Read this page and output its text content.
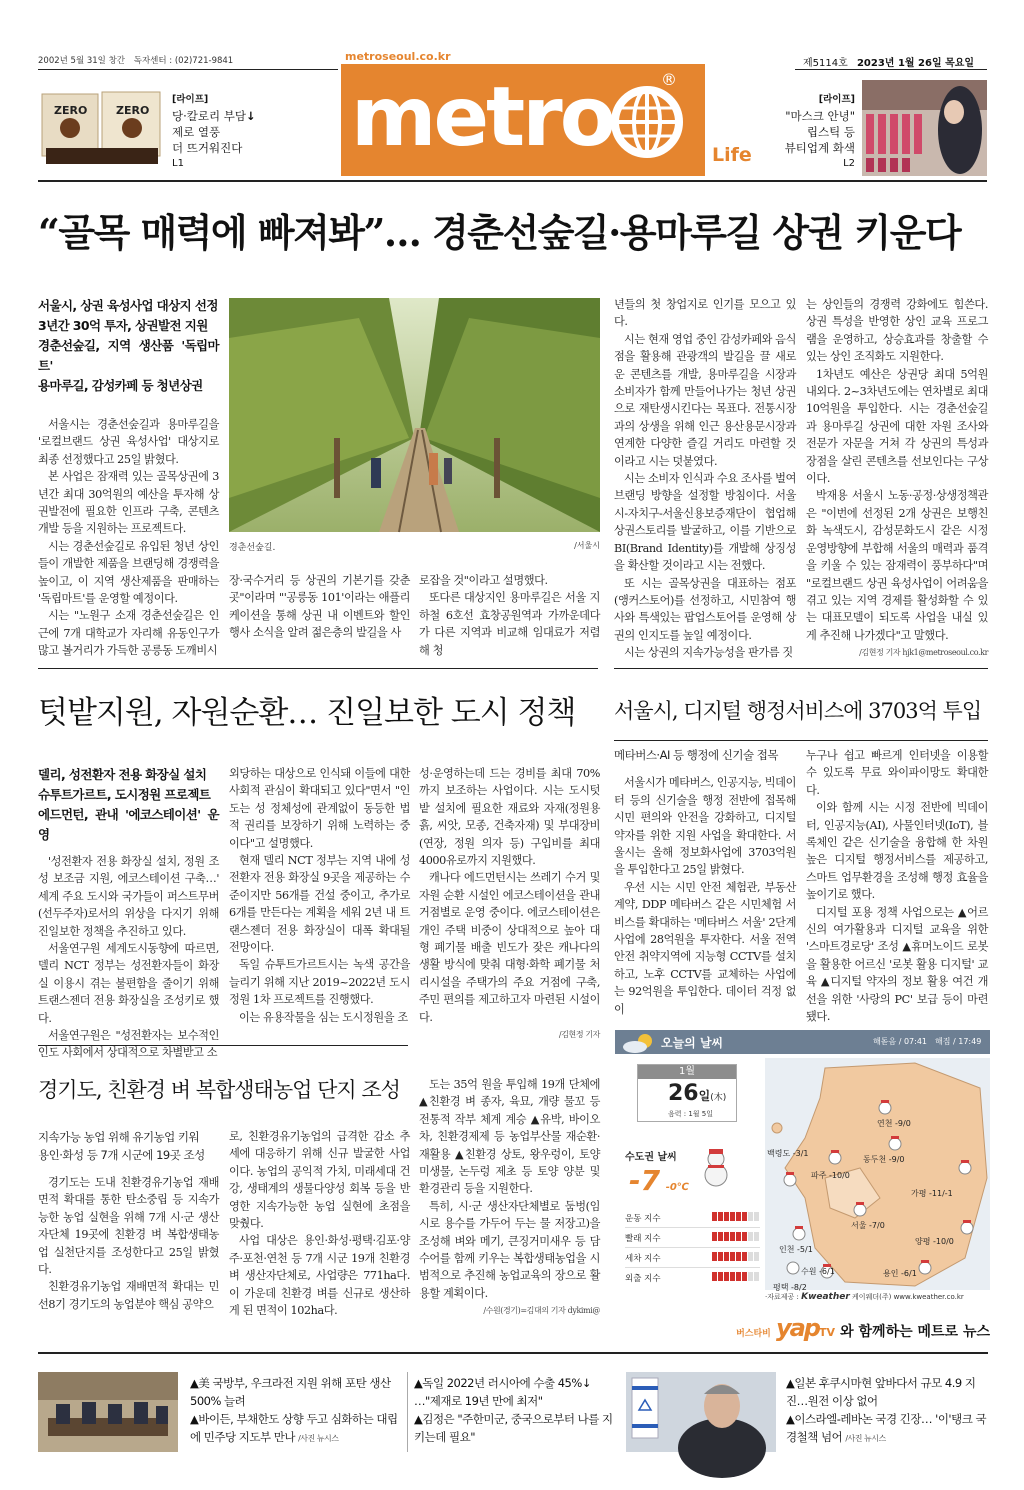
2002년 5월 31일 창간 독자센터 : (02)721-9841
ZERO	ZERO
[라이프]
당·칼로리 부담↓
제로 열풍
더 뜨거워진다
L1
metroseoul.co.kr
metro	®
Life
제5114호 2023년 1월 26일 목요일
[라이프]
"마스크 안녕"
립스틱 등
뷰티업계 화색
L2
“골목 매력에 빠져봐”… 경춘선숲길·용마루길 상권 키운다
서울시, 상권 육성사업 대상지 선정
3년간 30억 투자, 상권발전 지원
경춘선숲길, 지역 생산품 '독립마트'
용마루길, 감성카페 등 청년상권

서울시는 경춘선숲길과 용마루길을 '로컬브랜드 상권 육성사업' 대상지로 최종 선정했다고 25일 밝혔다.

본 사업은 잠재력 있는 골목상권에 3년간 최대 30억원의 예산을 투자해 상권발전에 필요한 인프라 구축, 콘텐츠 개발 등을 지원하는 프로젝트다.

시는 경춘선숲길로 유입된 청년 상인들이 개발한 제품을 브랜딩해 경쟁력을 높이고, 이 지역 생산제품을 판매하는 '독립마트'를 운영할 예정이다.

시는 "노원구 소재 경춘선숲길은 인근에 7개 대학교가 자리해 유동인구가 많고 볼거리가 가득한 공릉동 도깨비시

경춘선숲길.	/서울시

장·국수거리 등 상권의 기본기를 갖춘 곳"이라며 "'공릉동 101'이라는 애플리케이션을 통해 상권 내 이벤트와 할인 행사 소식을 알려 젊은층의 발길을 사

로잡을 것"이라고 설명했다.

또다른 대상지인 용마루길은 서울 지하철 6호선 효창공원역과 가까운데다가 다른 지역과 비교해 임대료가 저렴해 청

년들의 첫 창업지로 인기를 모으고 있다.

시는 현재 영업 중인 감성카페와 음식점을 활용해 관광객의 발길을 끌 새로운 콘텐츠를 개발, 용마루길을 시장과 소비자가 함께 만들어나가는 청년 상권으로 재탄생시킨다는 목표다. 전통시장과의 상생을 위해 인근 용산용문시장과 연계한 다양한 즐길 거리도 마련할 것이라고 시는 덧붙였다.

시는 소비자 인식과 수요 조사를 벌여 브랜딩 방향을 설정할 방침이다. 서울시-자치구-서울신용보증재단이 협업해 상권스토리를 발굴하고, 이를 기반으로 BI(Brand Identity)를 개발해 상징성을 확산할 것이라고 시는 전했다.

또 시는 골목상권을 대표하는 점포(앵커스토어)를 선정하고, 시민참여 행사와 특색있는 팝업스토어를 운영해 상권의 인지도를 높일 예정이다.

시는 상권의 지속가능성을 판가름 짓

는 상인들의 경쟁력 강화에도 힘쓴다. 상권 특성을 반영한 상인 교육 프로그램을 운영하고, 상승효과를 창출할 수 있는 상인 조직화도 지원한다.

1차년도 예산은 상권당 최대 5억원 내외다. 2~3차년도에는 연차별로 최대 10억원을 투입한다. 시는 경춘선숲길과 용마루길 상권에 대한 자원 조사와 전문가 자문을 거쳐 각 상권의 특성과 장점을 살린 콘텐츠를 선보인다는 구상이다.

박재용 서울시 노동·공정·상생정책관은 "이번에 선정된 2개 상권은 보행친화 녹색도시, 감성문화도시 같은 시정 운영방향에 부합해 서울의 매력과 품격을 키울 수 있는 잠재력이 풍부하다"며 "로컬브랜드 상권 육성사업이 어려움을 겪고 있는 지역 경제를 활성화할 수 있는 대표모델이 되도록 사업을 내실 있게 추진해 나가겠다"고 말했다.

/김현정 기자 hjk1@metroseoul.co.kr

텃밭지원, 자원순환… 진일보한 도시 정책
델리, 성전환자 전용 화장실 설치
슈투트가르트, 도시정원 프로젝트
에드먼턴, 관내 '에코스테이션' 운영

'성전환자 전용 화장실 설치, 정원 조성 보조금 지원, 에코스테이션 구축…' 세계 주요 도시와 국가들이 퍼스트무버(선두주자)로서의 위상을 다지기 위해 진일보한 정책을 추진하고 있다.

서울연구원 세계도시동향에 따르면, 델리 NCT 정부는 성전환자들이 화장실 이용시 겪는 불편함을 줄이기 위해 트랜스젠더 전용 화장실을 조성키로 했다.

서울연구원은 "성전환자는 보수적인 인도 사회에서 상대적으로 차별받고 소

외당하는 대상으로 인식돼 이들에 대한 사회적 관심이 확대되고 있다"면서 "인도는 성 정체성에 관계없이 동등한 법적 권리를 보장하기 위해 노력하는 중이다"고 설명했다.

현재 델리 NCT 정부는 지역 내에 성전환자 전용 화장실 9곳을 제공하는 수준이지만 56개를 건설 중이고, 추가로 6개를 만든다는 계획을 세워 2년 내 트랜스젠더 전용 화장실이 대폭 확대될 전망이다.

독일 슈투트가르트시는 녹색 공간을 늘리기 위해 지난 2019~2022년 도시정원 1차 프로젝트를 진행했다.

이는 유용작물을 심는 도시정원을 조

성·운영하는데 드는 경비를 최대 70%까지 보조하는 사업이다. 시는 도시텃밭 설치에 필요한 재료와 자재(정원용 흙, 씨앗, 모종, 건축자재) 및 부대장비(연장, 정원 의자 등) 구입비를 최대 4000유로까지 지원했다.

캐나다 에드먼턴시는 쓰레기 수거 및 자원 순환 시설인 에코스테이션을 관내 거점별로 운영 중이다. 에코스테이션은 개인 주택 비중이 상대적으로 높아 대형 폐기물 배출 빈도가 잦은 캐나다의 생활 방식에 맞춰 대형·화학 폐기물 처리시설을 주택가의 주요 거점에 구축, 주민 편의를 제고하고자 마련된 시설이다.

/김현정 기자

서울시, 디지털 행정서비스에 3703억 투입
메타버스·AI 등 행정에 신기술 접목

서울시가 메타버스, 인공지능, 빅데이터 등의 신기술을 행정 전반에 접목해 시민 편의와 안전을 강화하고, 디지털 약자를 위한 지원 사업을 확대한다. 서울시는 올해 정보화사업에 3703억원을 투입한다고 25일 밝혔다.

우선 시는 시민 안전 체험관, 부동산 계약, DDP 메타버스 같은 시민체험 서비스를 확대하는 '메타버스 서울' 2단계 사업에 28억원을 투자한다. 서울 전역 안전 취약지역에 지능형 CCTV를 설치하고, 노후 CCTV를 교체하는 사업에는 92억원을 투입한다. 데이터 걱정 없이

누구나 쉽고 빠르게 인터넷을 이용할 수 있도록 무료 와이파이망도 확대한다.

이와 함께 시는 시정 전반에 빅데이터, 인공지능(AI), 사물인터넷(IoT), 블록체인 같은 신기술을 융합해 한 차원 높은 디지털 행정서비스를 제공하고, 스마트 업무환경을 조성해 행정 효율을 높이기로 했다.

디지털 포용 정책 사업으로는 ▲어르신의 여가활용과 디지털 교육을 위한 '스마트경로당' 조성 ▲휴머노이드 로봇을 활용한 어르신 '로봇 활용 디지털' 교육 ▲디지털 약자의 정보 활용 여건 개선을 위한 '사랑의 PC' 보급 등이 마련됐다.

경기도, 친환경 벼 복합생태농업 단지 조성
지속가능 농업 위해 유기농업 키워
용인·화성 등 7개 시군에 19곳 조성

경기도는 도내 친환경유기농업 재배면적 확대를 통한 탄소중립 등 지속가능한 농업 실현을 위해 7개 시·군 생산자단체 19곳에 친환경 벼 복합생태농업 실천단지를 조성한다고 25일 밝혔다.

친환경유기농업 재배면적 확대는 민선8기 경기도의 농업분야 핵심 공약으

로, 친환경유기농업의 급격한 감소 추세에 대응하기 위해 신규 발굴한 사업이다. 농업의 공익적 가치, 미래세대 건강, 생태계의 생물다양성 회복 등을 반영한 지속가능한 농업 실현에 초점을 맞췄다.

사업 대상은 용인·화성·평택·김포·양주·포천·연천 등 7개 시군 19개 친환경 벼 생산자단체로, 사업량은 771ha다. 이 가운데 친환경 벼를 신규로 생산하게 된 면적이 102ha다.

도는 35억 원을 투입해 19개 단체에 ▲친환경 벼 종자, 육묘, 개량 물꼬 등 전통적 작부 체계 계승 ▲유박, 바이오차, 친환경제제 등 농업부산물 재순환·재활용 ▲친환경 상토, 왕우렁이, 토양미생물, 논두렁 제초 등 토양 양분 및 환경관리 등을 지원한다.

특히, 시·군 생산자단체별로 둠벙(임시로 용수를 가두어 두는 물 저장고)을 조성해 벼와 메기, 큰징거미새우 등 담수어를 함께 키우는 복합생태농업을 시범적으로 추진해 농업교육의 장으로 활용할 계획이다.

/수원(경기)=김대의 기자 dykimi@

오늘의 날씨	해돋음 / 07:41 해짐 / 17:49
1월
26일(木)
음력 : 1월 5일
수도권 날씨
-7 -0℃
운동 지수
빨래 지수
세차 지수
외출 지수
연천 -9/0
동두천 -9/0
백령도 -3/1
가평 -11/-1
파주 -10/0
서울 -7/0
인천 -5/1
양평 -10/0
수원 -6/1	용인 -6/1
평택 -8/2
·자료제공 : Kweather 케이웨더(주) www.kweather.co.kr
버스타비 yapTV 와 함께하는 메트로 뉴스
▲美 국방부, 우크라전 지원 위해 포탄 생산 500% 늘려
▲바이든, 부채한도 상향 두고 심화하는 대립에 민주당 지도부 만나 /사진 뉴시스
▲독일 2022년 러시아에 수출 45%↓ …"제재로 19년 만에 최저"
▲김정은 "주한미군, 중국으로부터 나를 지키는데 필요"
▲일본 후쿠시마현 앞바다서 규모 4.9 지진…원전 이상 없어
▲이스라엘-레바논 국경 긴장… '이'탱크 국경철책 넘어 /사진 뉴시스
